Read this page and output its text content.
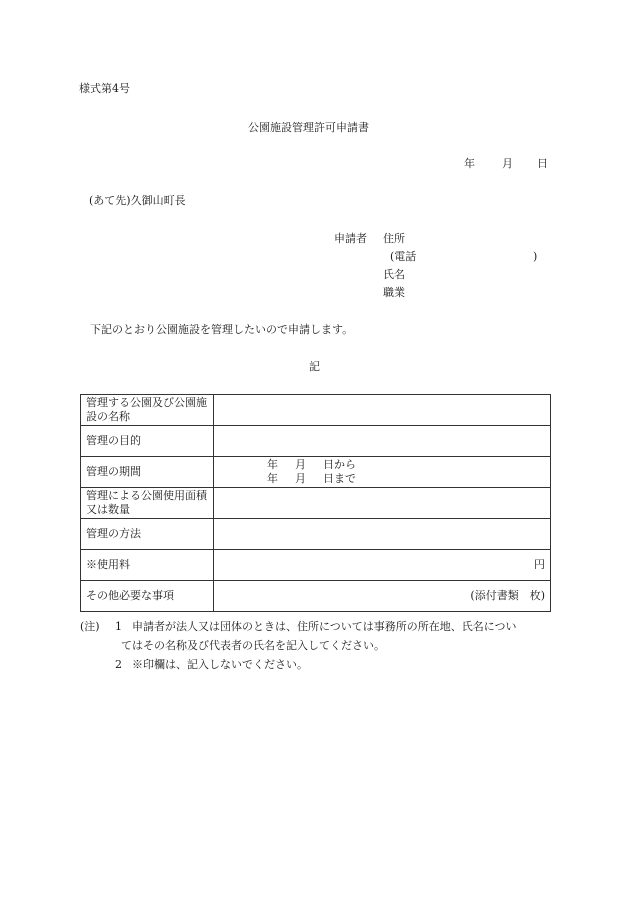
様式第4号
公園施設管理許可申請書
年 月 日
(あて先)久御山町長
申請者 住所
(電話	)
氏名
職業
下記のとおり公園施設を管理したいので申請します。
記
管理する公園及び公園施設の名称	

管理の目的	
管理の期間	年 月 日から
年 月 日まで

管理による公園使用面積又は数量	

管理の方法	
※使用料	円
その他必要な事項	(添付書類　枚)
(注) 1 申請者が法人又は団体のときは、住所については事務所の所在地、氏名につい
てはその名称及び代表者の氏名を記入してください。
2 ※印欄は、記入しないでください。
